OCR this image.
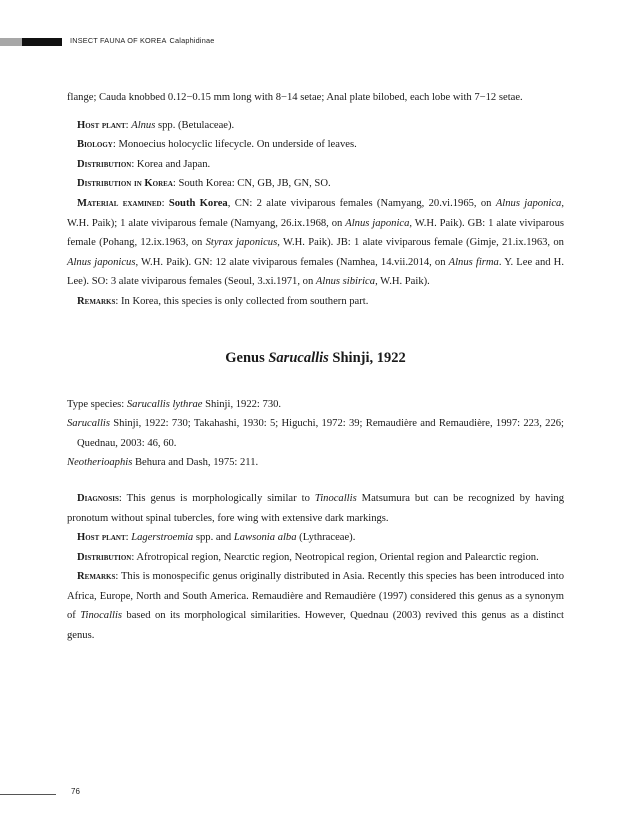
INSECT FAUNA OF KOREA Calaphidinae

flange; Cauda knobbed 0.12−0.15 mm long with 8−14 setae; Anal plate bilobed, each lobe with 7−12 setae.

Host plant: Alnus spp. (Betulaceae).

Biology: Monoecius holocyclic lifecycle. On underside of leaves.

Distribution: Korea and Japan.

Distribution in Korea: South Korea: CN, GB, JB, GN, SO.

Material examined: South Korea, CN: 2 alate viviparous females (Namyang, 20.vi.1965, on Alnus japonica, W.H. Paik); 1 alate viviparous female (Namyang, 26.ix.1968, on Alnus japonica, W.H. Paik). GB: 1 alate viviparous female (Pohang, 12.ix.1963, on Styrax japonicus, W.H. Paik). JB: 1 alate viviparous female (Gimje, 21.ix.1963, on Alnus japonicus, W.H. Paik). GN: 12 alate viviparous females (Namhea, 14.vii.2014, on Alnus firma. Y. Lee and H. Lee). SO: 3 alate viviparous females (Seoul, 3.xi.1971, on Alnus sibirica, W.H. Paik).

Remarks: In Korea, this species is only collected from southern part.

Genus Sarucallis Shinji, 1922

Type species: Sarucallis lythrae Shinji, 1922: 730.

Sarucallis Shinji, 1922: 730; Takahashi, 1930: 5; Higuchi, 1972: 39; Remaudière and Remaudière, 1997: 223, 226; Quednau, 2003: 46, 60.

Neotherioaphis Behura and Dash, 1975: 211.

Diagnosis: This genus is morphologically similar to Tinocallis Matsumura but can be recognized by having pronotum without spinal tubercles, fore wing with extensive dark markings.

Host plant: Lagerstroemia spp. and Lawsonia alba (Lythraceae).

Distribution: Afrotropical region, Nearctic region, Neotropical region, Oriental region and Palearctic region.

Remarks: This is monospecific genus originally distributed in Asia. Recently this species has been introduced into Africa, Europe, North and South America. Remaudière and Remaudière (1997) considered this genus as a synonym of Tinocallis based on its morphological similarities. However, Quednau (2003) revived this genus as a distinct genus.

76
